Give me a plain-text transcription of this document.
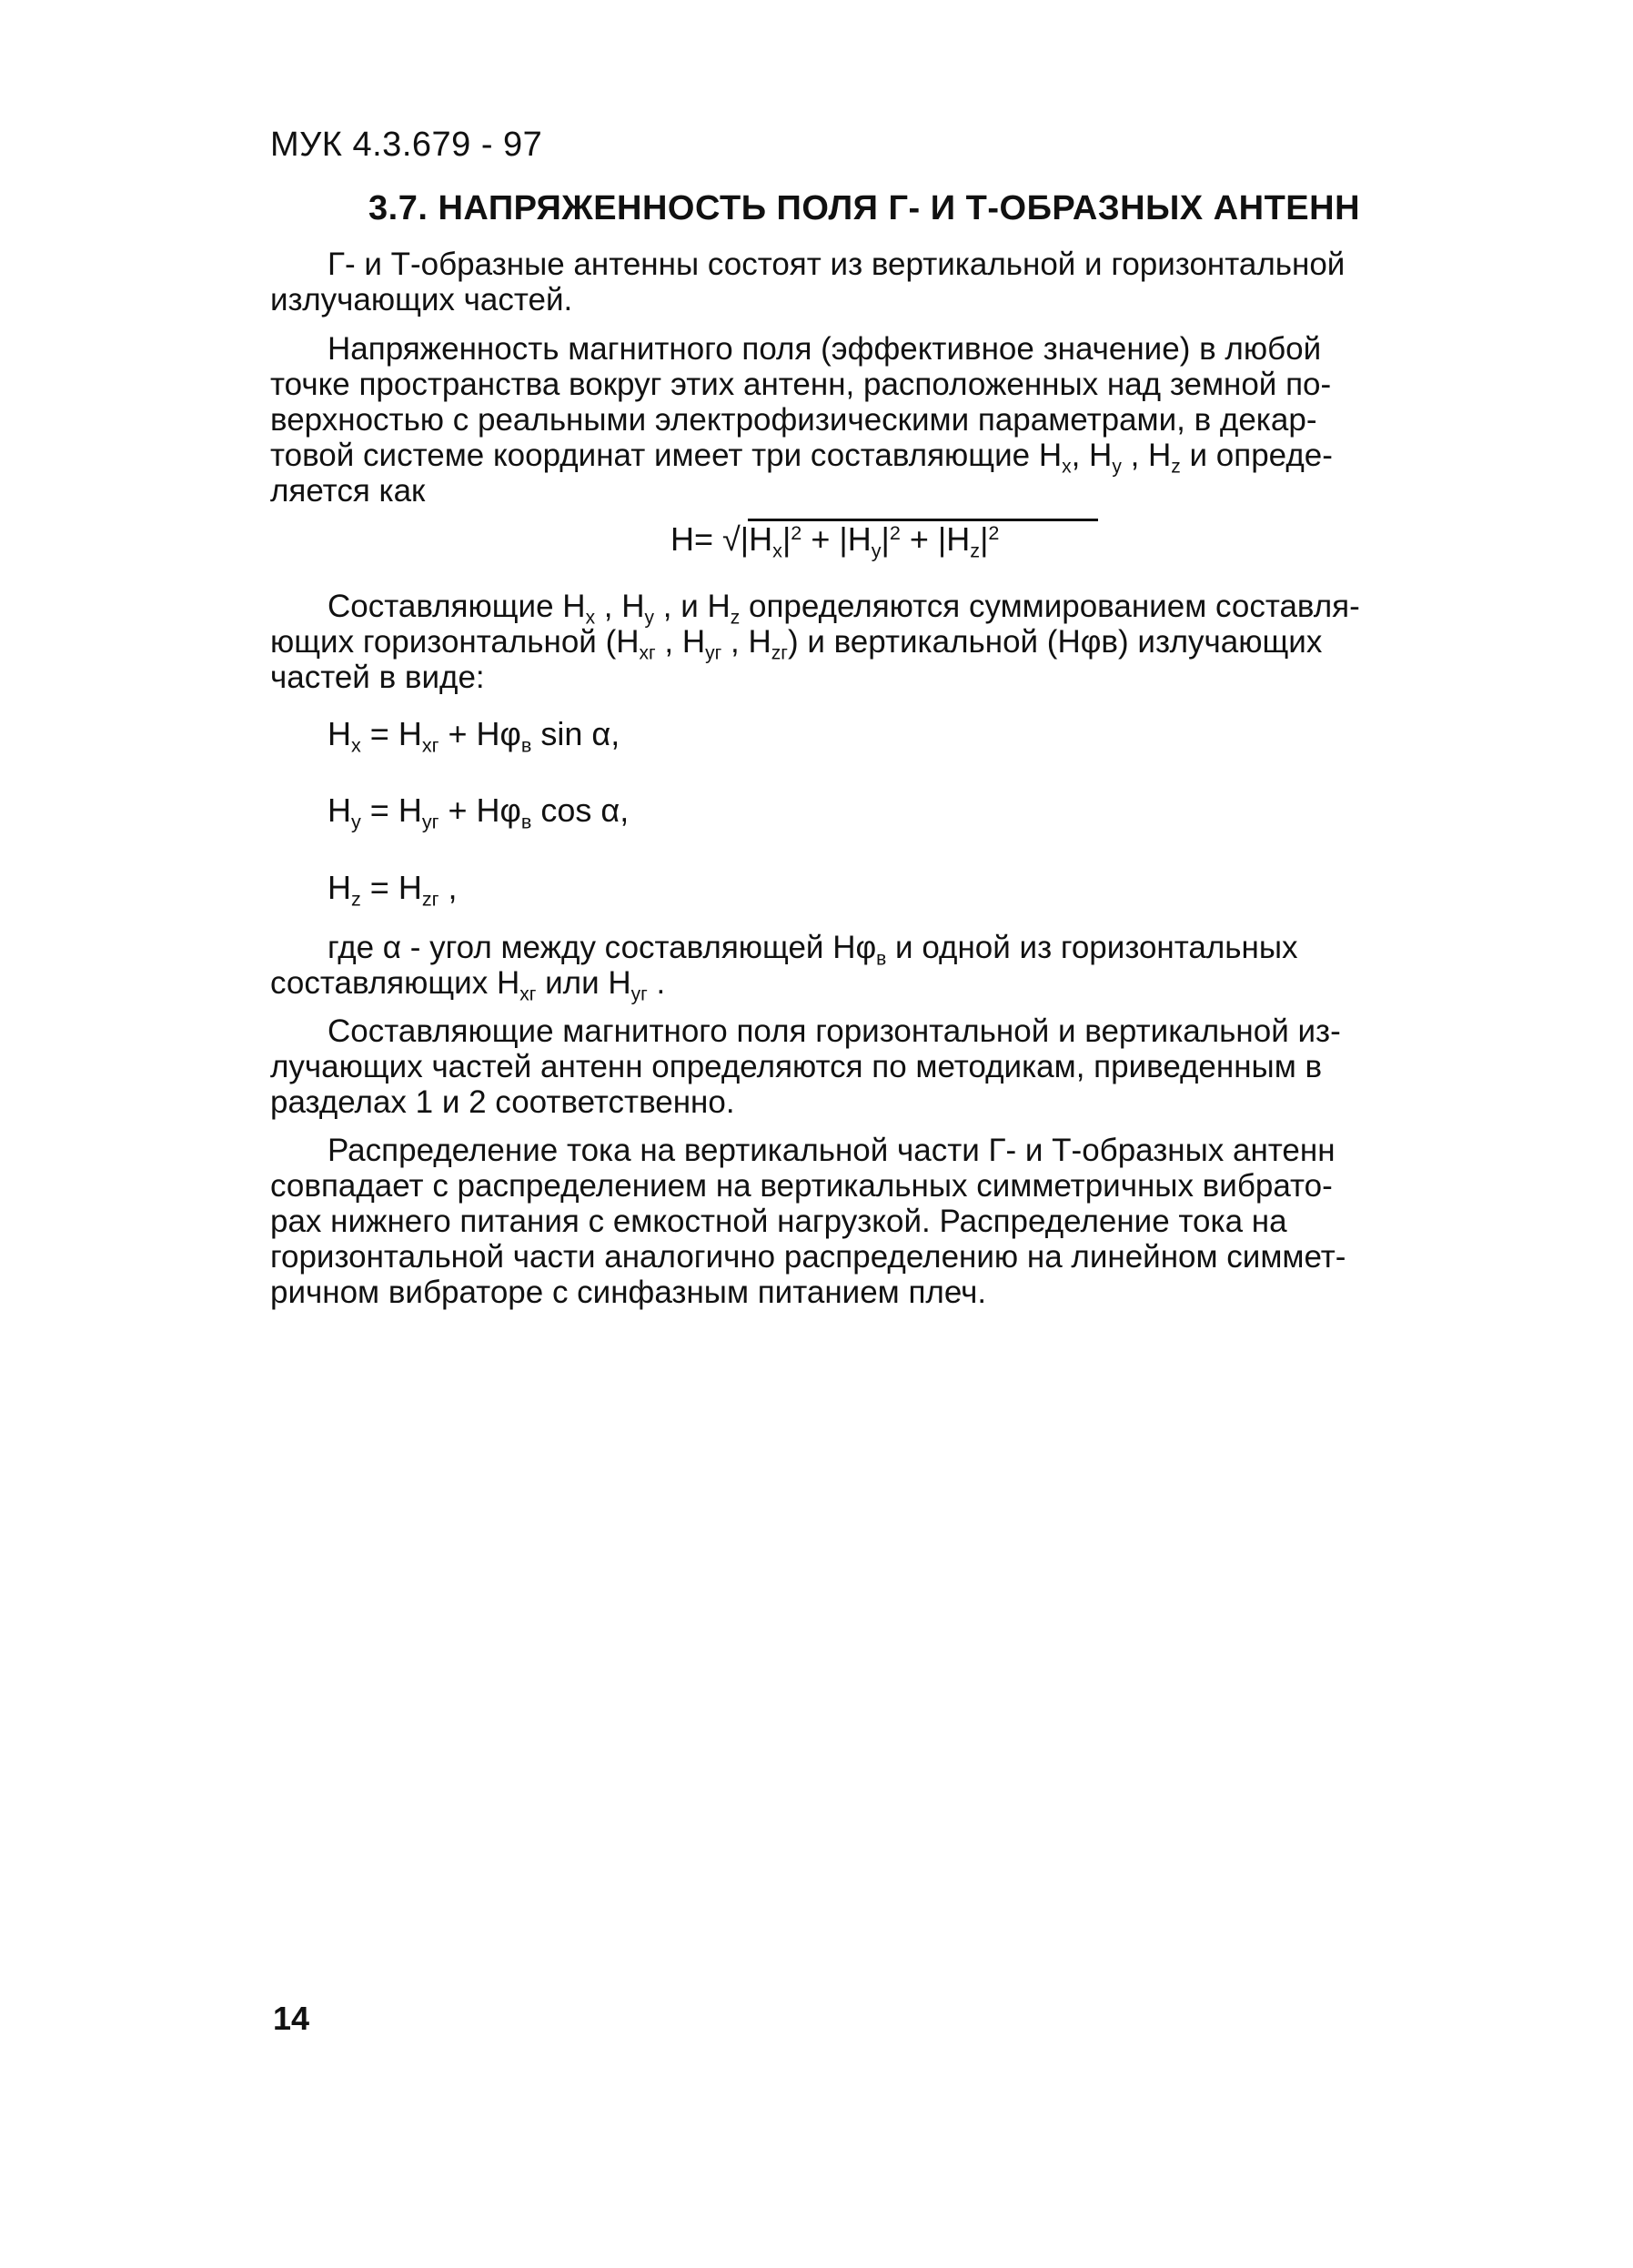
МУК 4.3.679 - 97
3.7. НАПРЯЖЕННОСТЬ ПОЛЯ Г- И Т-ОБРАЗНЫХ АНТЕНН
Г- и Т-образные антенны состоят из вертикальной и горизонтальной
излучающих частей.
Напряженность магнитного поля (эффективное значение) в любой
точке пространства вокруг этих антенн, расположенных над земной по-
верхностью с реальными электрофизическими параметрами, в декар-
товой системе координат имеет три составляющие $H_x$, $H_y$ , $H_z$ и опреде-
ляется как
$H= √|H_x|^2 + |H_y|^2 + |H_z|^2$
Составляющие $H_x$ , $H_y$ , и $H_z$ определяются суммированием составля-
ющих горизонтальной ($H_{xг}$ , $H_{yг}$ , $H_{zг}$) и вертикальной (Hφв) излучающих
частей в виде:
$H_x = H_{xг} + H\varphi_в$ sin α,
$H_y = H_{yг} + H\varphi_в$ cos α,
$H_z = H_{zг}$ ,
где α - угол между составляющей $H\varphi_в$ и одной из горизонтальных
составляющих $H_{xг}$ или $H_{yг}$ .
Составляющие магнитного поля горизонтальной и вертикальной из-
лучающих частей антенн определяются по методикам, приведенным в
разделах 1 и 2 соответственно.
Распределение тока на вертикальной части Г- и Т-образных антенн
совпадает с распределением на вертикальных симметричных вибрато-
рах нижнего питания с емкостной нагрузкой. Распределение тока на
горизонтальной части аналогично распределению на линейном симмет-
ричном вибраторе с синфазным питанием плеч.
14
